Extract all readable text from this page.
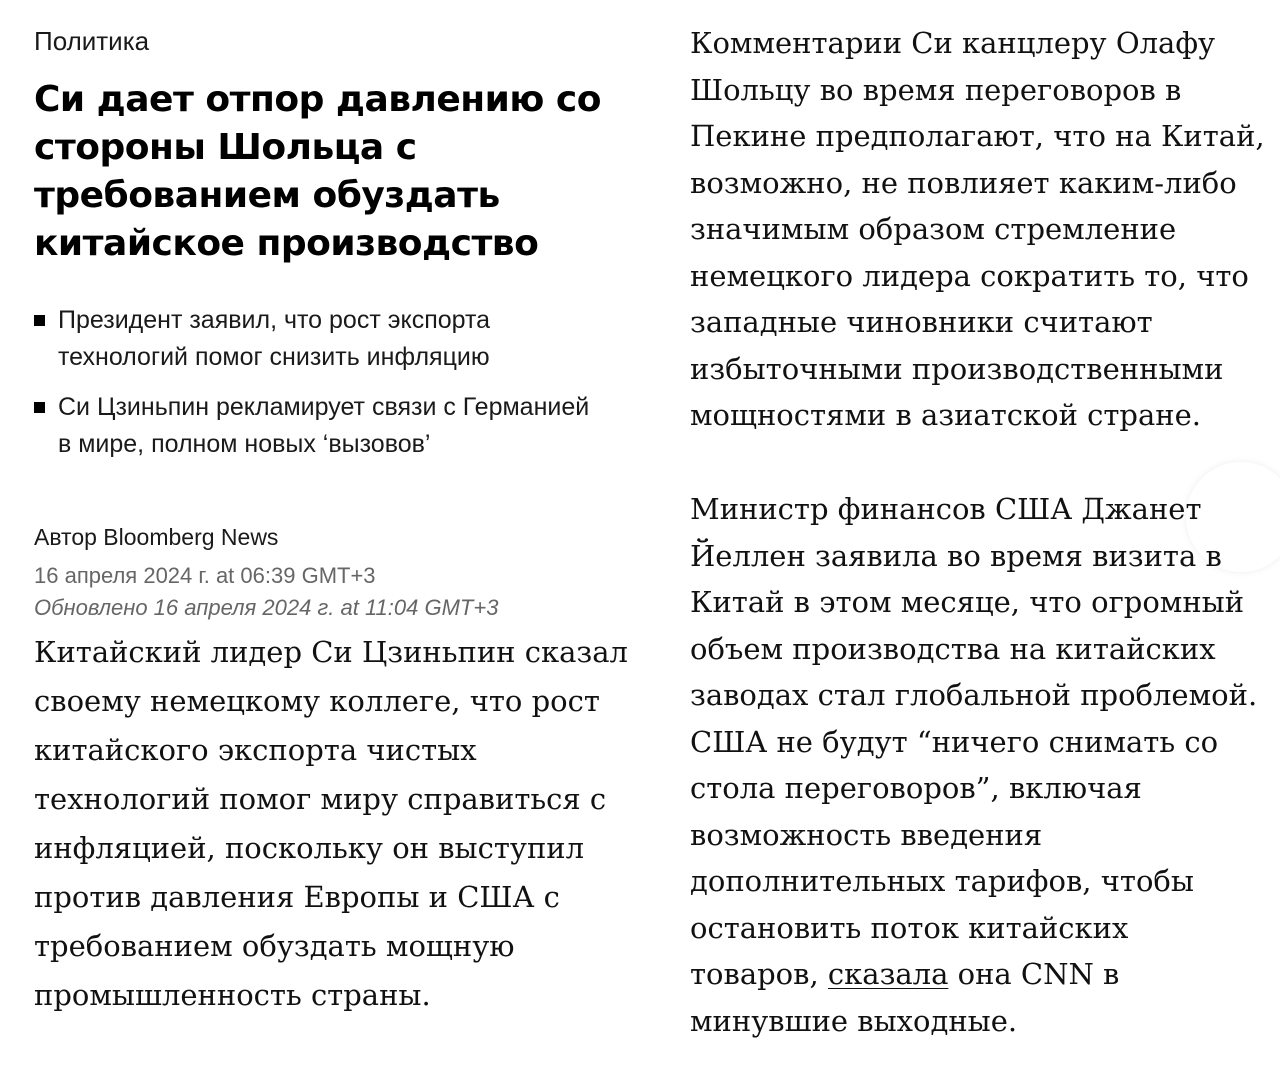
Политика
Си дает отпор давлению со стороны Шольца с требованием обуздать китайское производство
Президент заявил, что рост экспорта технологий помог снизить инфляцию
Си Цзиньпин рекламирует связи с Германией в мире, полном новых ‘вызовов’
Автор Bloomberg News
16 апреля 2024 г. at 06:39 GMT+3
Обновлено 16 апреля 2024 г. at 11:04 GMT+3

Китайский лидер Си Цзиньпин сказал своему немецкому коллеге, что рост китайского экспорта чистых технологий помог миру справиться с инфляцией, поскольку он выступил против давления Европы и США с требованием обуздать мощную промышленность страны.

Комментарии Си канцлеру Олафу Шольцу во время переговоров в Пекине предполагают, что на Китай, возможно, не повлияет каким-либо значимым образом стремление немецкого лидера сократить то, что западные чиновники считают избыточными производственными мощностями в азиатской стране.

Министр финансов США Джанет Йеллен заявила во время визита в Китай в этом месяце, что огромный объем производства на китайских заводах стал глобальной проблемой. США не будут “ничего снимать со стола переговоров”, включая возможность введения дополнительных тарифов, чтобы остановить поток китайских товаров, сказала она CNN в минувшие выходные.
